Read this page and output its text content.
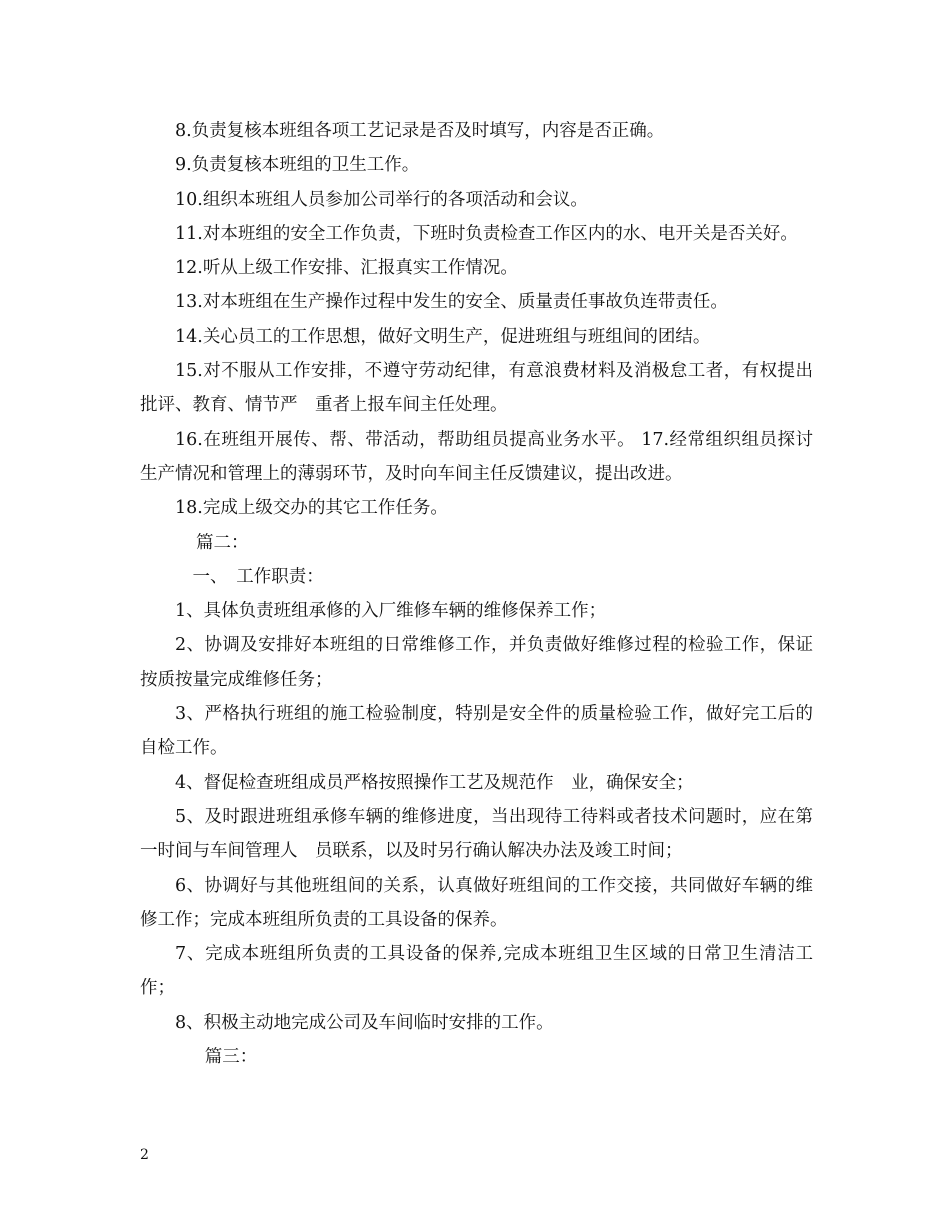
8.负责复核本班组各项工艺记录是否及时填写，内容是否正确。

9.负责复核本班组的卫生工作。

10.组织本班组人员参加公司举行的各项活动和会议。

11.对本班组的安全工作负责，下班时负责检查工作区内的水、电开关是否关好。

12.听从上级工作安排、汇报真实工作情况。

13.对本班组在生产操作过程中发生的安全、质量责任事故负连带责任。

14.关心员工的工作思想，做好文明生产，促进班组与班组间的团结。

15.对不服从工作安排，不遵守劳动纪律，有意浪费材料及消极怠工者，有权提出批评、教育、情节严　重者上报车间主任处理。

16.在班组开展传、帮、带活动，帮助组员提高业务水平。 17.经常组织组员探讨生产情况和管理上的薄弱环节，及时向车间主任反馈建议，提出改进。

18.完成上级交办的其它工作任务。

篇二：

一、　工作职责：

1、具体负责班组承修的入厂维修车辆的维修保养工作；

2、协调及安排好本班组的日常维修工作，并负责做好维修过程的检验工作，保证按质按量完成维修任务；

3、严格执行班组的施工检验制度，特别是安全件的质量检验工作，做好完工后的自检工作。

4、督促检查班组成员严格按照操作工艺及规范作　业，确保安全；

5、及时跟进班组承修车辆的维修进度，当出现待工待料或者技术问题时，应在第一时间与车间管理人　员联系，以及时另行确认解决办法及竣工时间；

6、协调好与其他班组间的关系，认真做好班组间的工作交接，共同做好车辆的维修工作；完成本班组所负责的工具设备的保养。

7、完成本班组所负责的工具设备的保养,完成本班组卫生区域的日常卫生清洁工作；

8、积极主动地完成公司及车间临时安排的工作。

篇三：

2
